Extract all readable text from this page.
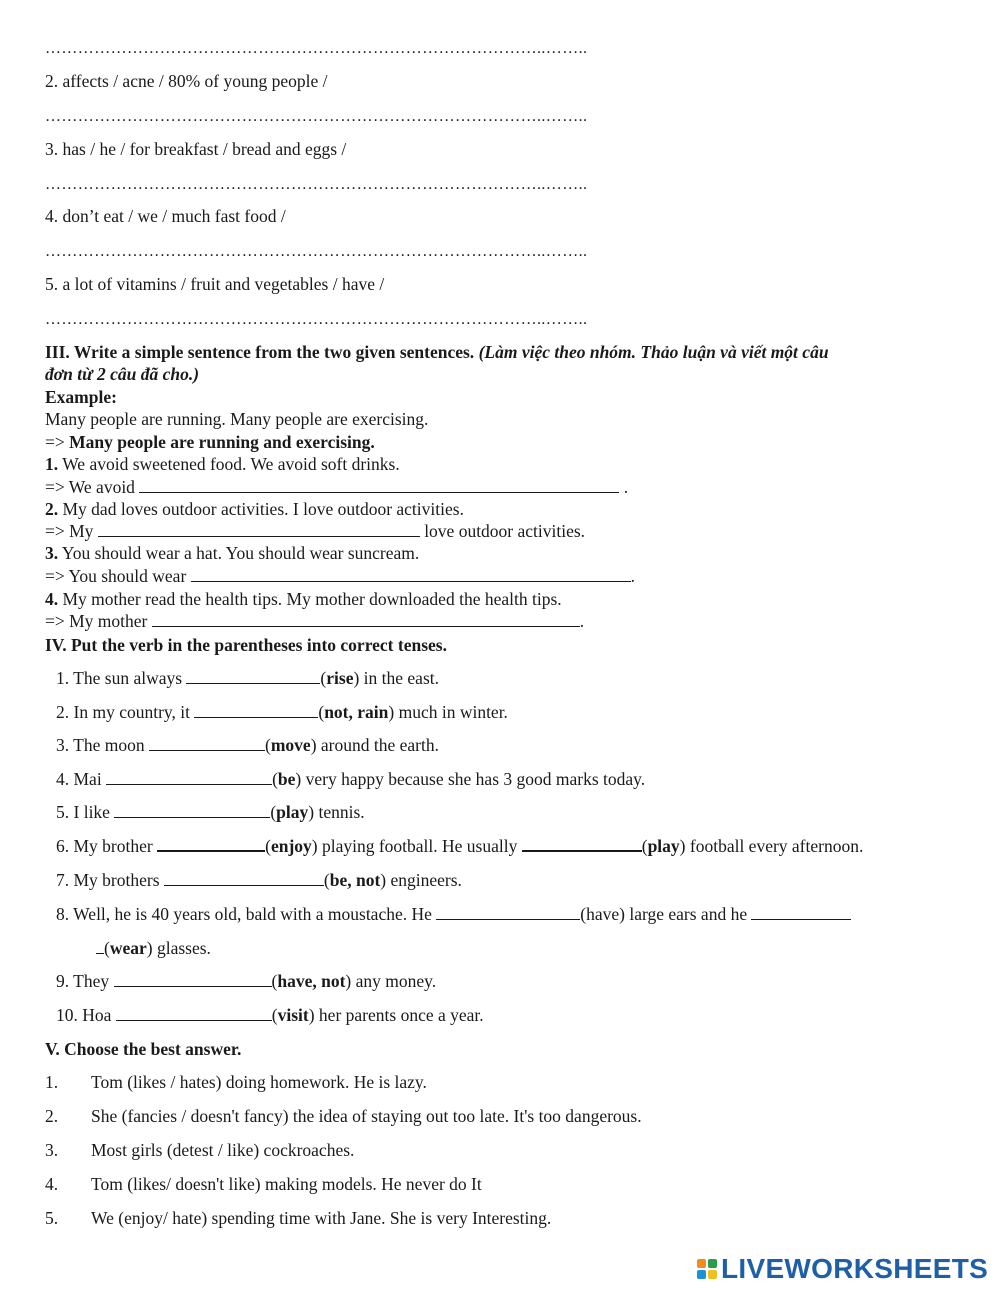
………………………………………………………………………………..……..
2. affects / acne / 80% of young people /
………………………………………………………………………………..……..
3. has / he / for breakfast / bread and eggs /
………………………………………………………………………………..……..
4. don’t eat / we / much fast food /
………………………………………………………………………………..……..
5. a lot of vitamins / fruit and vegetables / have /
………………………………………………………………………………..……..
III. Write a simple sentence from the two given sentences. (Làm việc theo nhóm. Thảo luận và viết một câu
đơn từ 2 câu đã cho.)
Example:
Many people are running. Many people are exercising.
=> Many people are running and exercising.
1. We avoid sweetened food. We avoid soft drinks.
=> We avoid	.
2. My dad loves outdoor activities. I love outdoor activities.
=> My	love outdoor activities.
3. You should wear a hat. You should wear suncream.
=> You should wear	.
4. My mother read the health tips. My mother downloaded the health tips.
=> My mother	.
IV. Put the verb in the parentheses into correct tenses.
1. The sun always	(rise) in the east.
2. In my country, it	(not, rain) much in winter.
3. The moon	(move) around the earth.
4. Mai	(be) very happy because she has 3 good marks today.
5. I like	(play) tennis.
6. My brother	(enjoy) playing football. He usually	(play) football every afternoon.
7. My brothers	(be, not) engineers.
8. Well, he is 40 years old, bald with a moustache. He	(have) large ears and he
(wear) glasses.
9. They	(have, not) any money.
10. Hoa	(visit) her parents once a year.
V. Choose the best answer.
1. Tom (likes / hates) doing homework. He is lazy.
2. She (fancies / doesn't fancy) the idea of staying out too late. It's too dangerous.
3. Most girls (detest / like) cockroaches.
4. Tom (likes/ doesn't like) making models. He never do It
5. We (enjoy/ hate) spending time with Jane. She is very Interesting.
LIVEWORKSHEETS
